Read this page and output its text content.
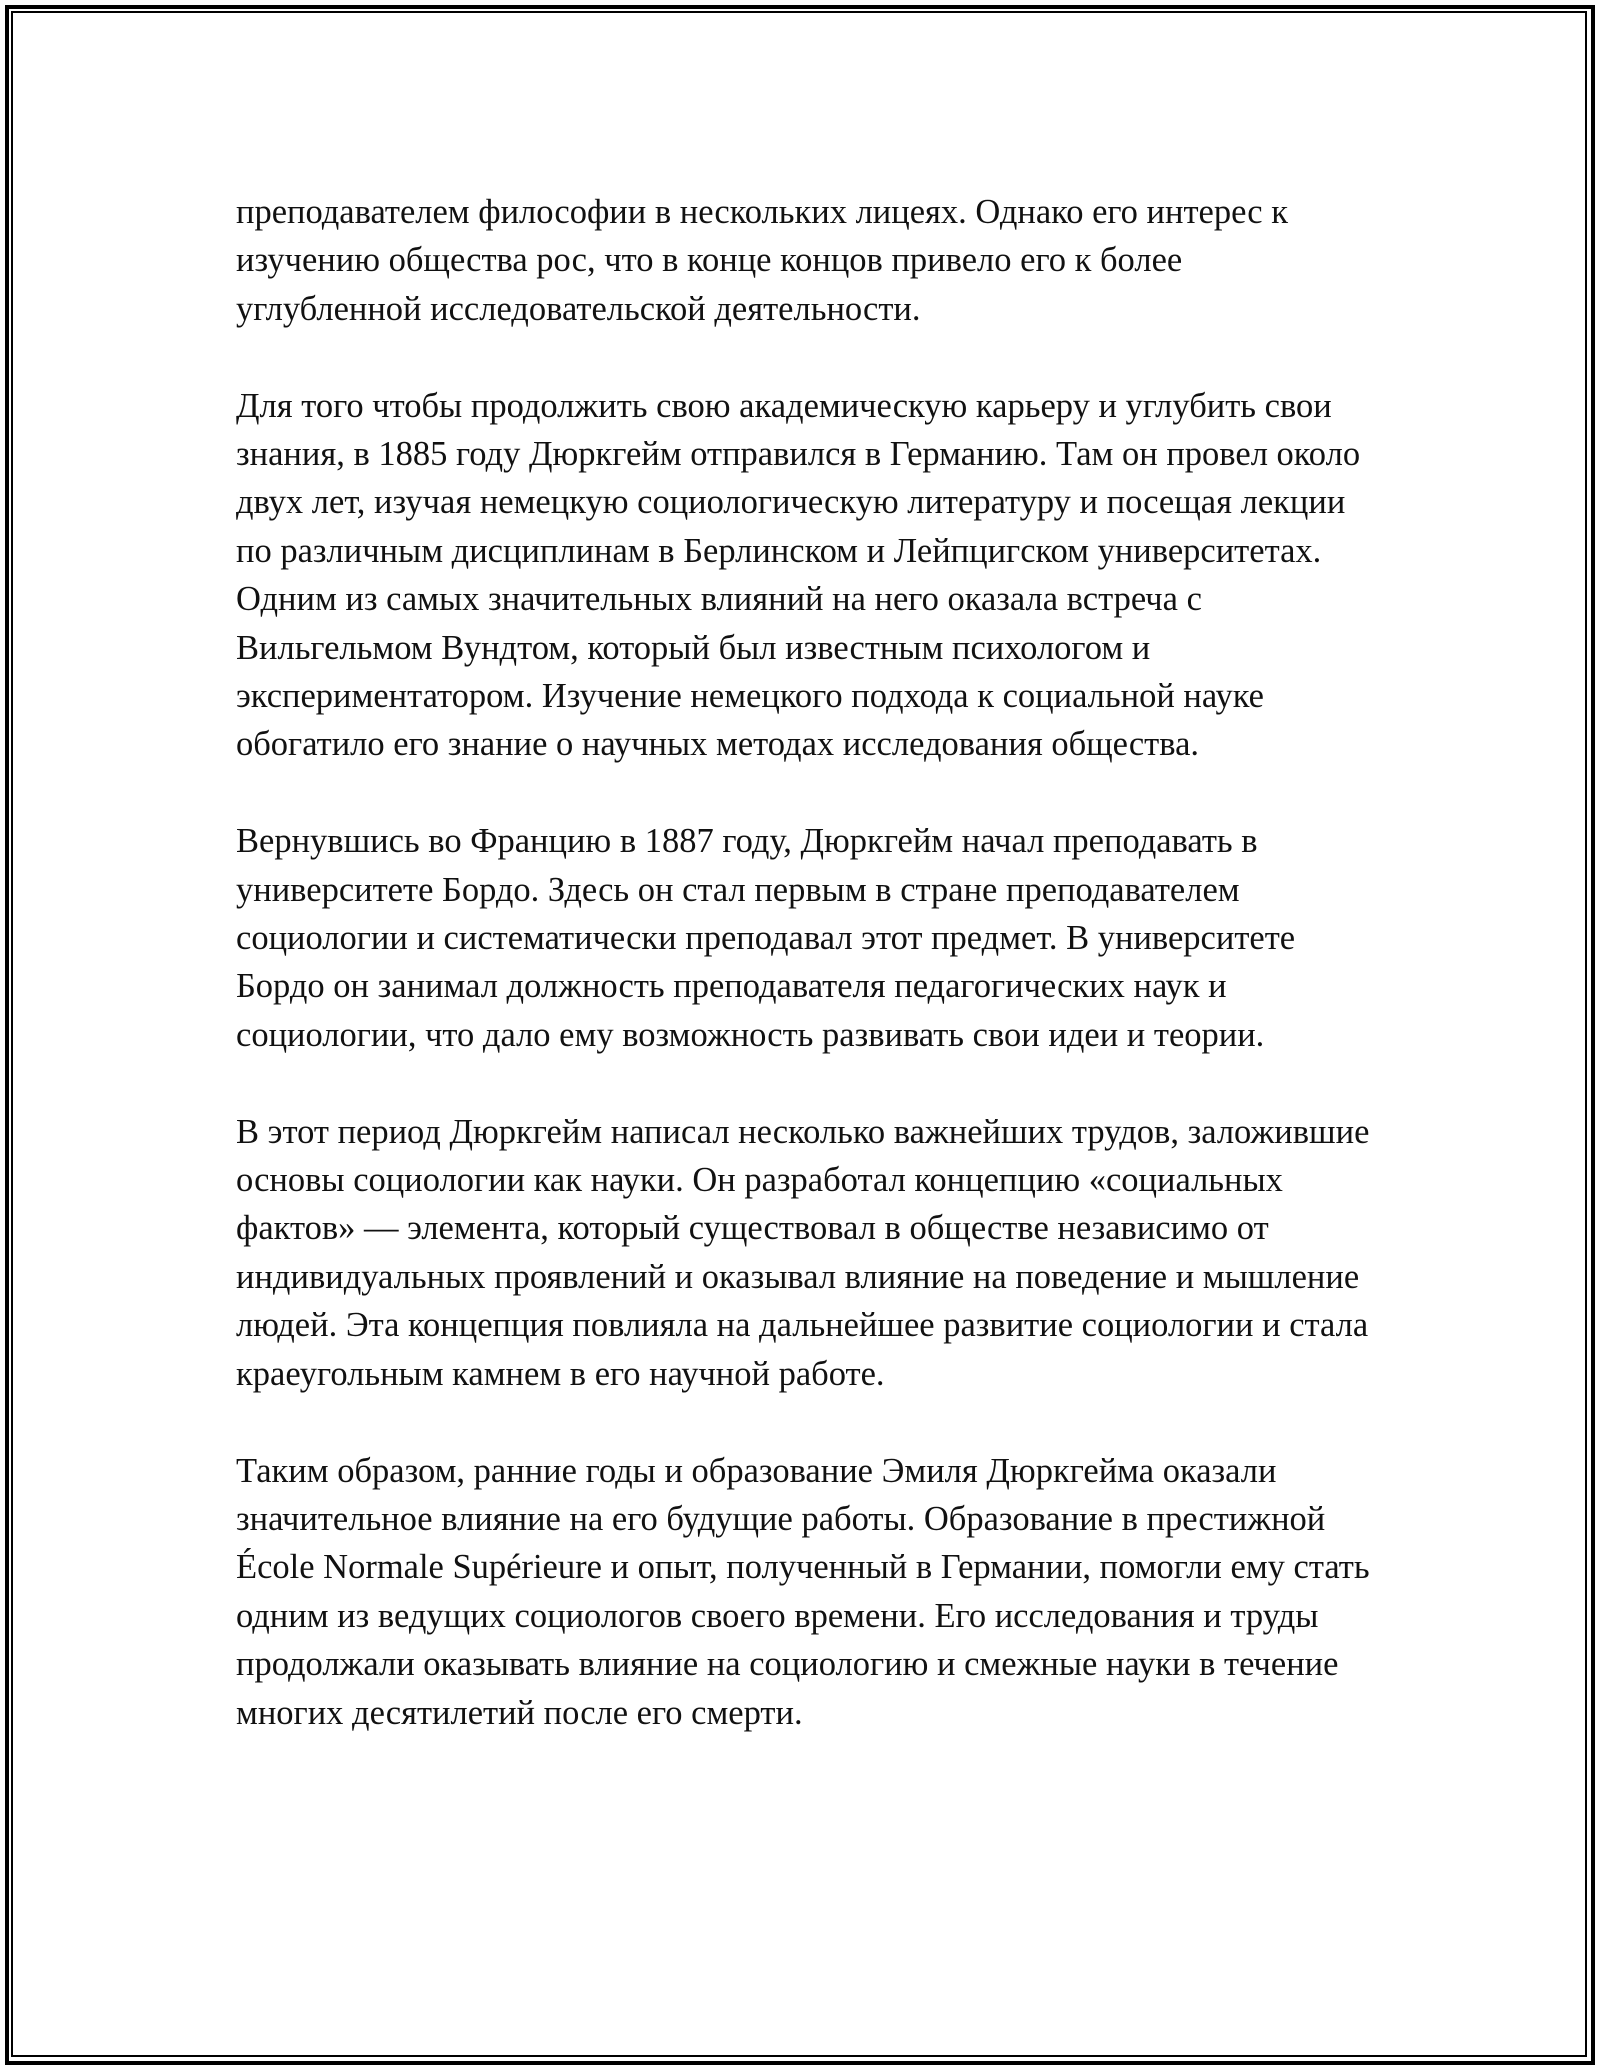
преподавателем философии в нескольких лицеях. Однако его интерес к изучению общества рос, что в конце концов привело его к более углубленной исследовательской деятельности.

Для того чтобы продолжить свою академическую карьеру и углубить свои знания, в 1885 году Дюркгейм отправился в Германию. Там он провел около двух лет, изучая немецкую социологическую литературу и посещая лекции по различным дисциплинам в Берлинском и Лейпцигском университетах. Одним из самых значительных влияний на него оказала встреча с Вильгельмом Вундтом, который был известным психологом и экспериментатором. Изучение немецкого подхода к социальной науке обогатило его знание о научных методах исследования общества.

Вернувшись во Францию в 1887 году, Дюркгейм начал преподавать в университете Бордо. Здесь он стал первым в стране преподавателем социологии и систематически преподавал этот предмет. В университете Бордо он занимал должность преподавателя педагогических наук и социологии, что дало ему возможность развивать свои идеи и теории.

В этот период Дюркгейм написал несколько важнейших трудов, заложившие основы социологии как науки. Он разработал концепцию «социальных фактов» — элемента, который существовал в обществе независимо от индивидуальных проявлений и оказывал влияние на поведение и мышление людей. Эта концепция повлияла на дальнейшее развитие социологии и стала краеугольным камнем в его научной работе.

Таким образом, ранние годы и образование Эмиля Дюркгейма оказали значительное влияние на его будущие работы. Образование в престижной École Normale Supérieure и опыт, полученный в Германии, помогли ему стать одним из ведущих социологов своего времени. Его исследования и труды продолжали оказывать влияние на социологию и смежные науки в течение многих десятилетий после его смерти.
